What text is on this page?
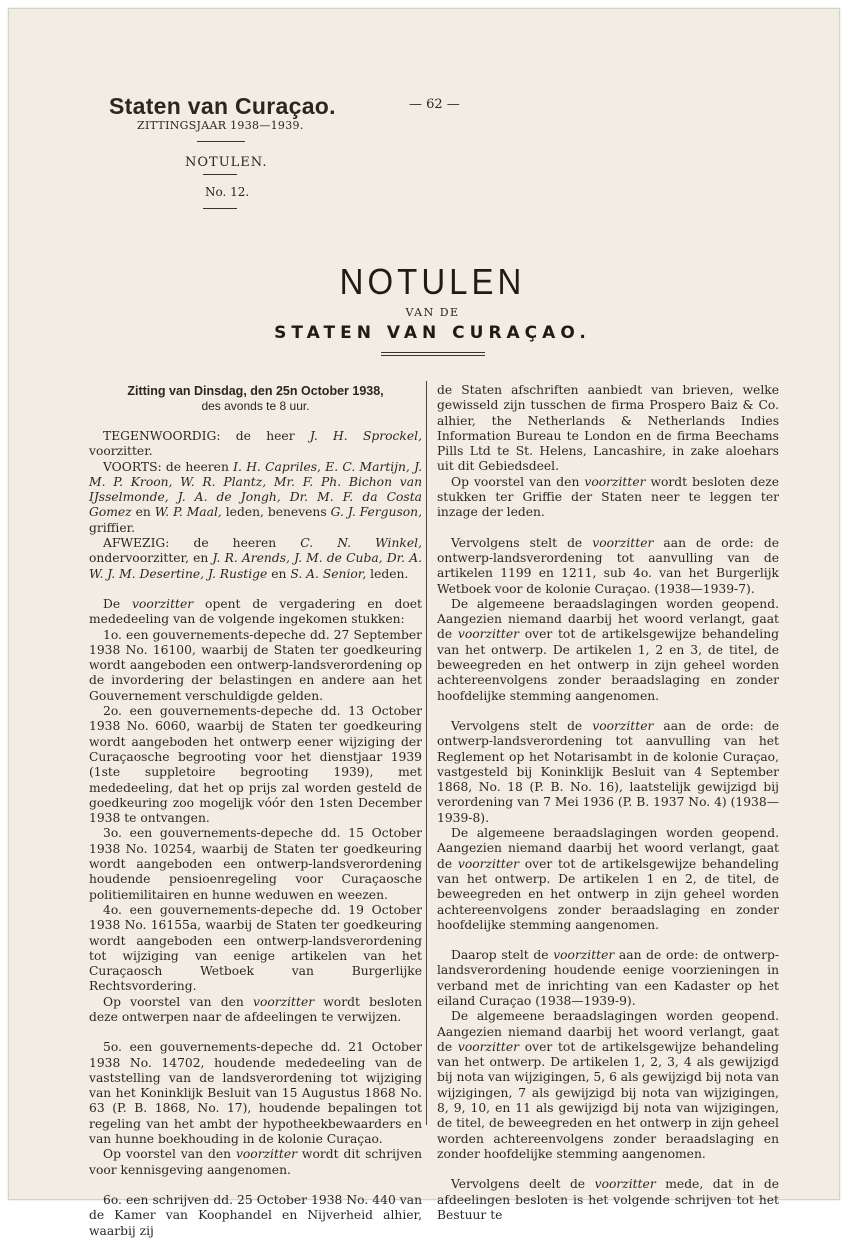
Staten van Curaçao.
ZITTINGSJAAR 1938—1939.
— 62 —
NOTULEN.
No. 12.
NOTULEN
VAN DE
STATEN VAN CURAÇAO.
Zitting van Dinsdag, den 25n October 1938,
des avonds te 8 uur.

TEGENWOORDIG: de heer J. H. Sprockel, voorzitter.

VOORTS: de heeren I. H. Capriles, E. C. Martijn, J. M. P. Kroon, W. R. Plantz, Mr. F. Ph. Bichon van IJsselmonde, J. A. de Jongh, Dr. M. F. da Costa Gomez en W. P. Maal, leden, benevens G. J. Ferguson, griffier.

AFWEZIG: de heeren C. N. Winkel, ondervoorzitter, en J. R. Arends, J. M. de Cuba, Dr. A. W. J. M. Desertine, J. Rustige en S. A. Senior, leden.

De voorzitter opent de vergadering en doet mededeeling van de volgende ingekomen stukken:

1o. een gouvernements-depeche dd. 27 September 1938 No. 16100, waarbij de Staten ter goedkeuring wordt aangeboden een ontwerp-landsverordening op de invordering der belastingen en andere aan het Gouvernement verschuldigde gelden.

2o. een gouvernements-depeche dd. 13 October 1938 No. 6060, waarbij de Staten ter goedkeuring wordt aangeboden het ontwerp eener wijziging der Curaçaosche begrooting voor het dienstjaar 1939 (1ste suppletoire begrooting 1939), met mededeeling, dat het op prijs zal worden gesteld de goedkeuring zoo mogelijk vóór den 1sten December 1938 te ontvangen.

3o. een gouvernements-depeche dd. 15 October 1938 No. 10254, waarbij de Staten ter goedkeuring wordt aangeboden een ontwerp-landsverordening houdende pensioenregeling voor Curaçaosche politiemilitairen en hunne weduwen en weezen.

4o. een gouvernements-depeche dd. 19 October 1938 No. 16155a, waarbij de Staten ter goedkeuring wordt aangeboden een ontwerp-landsverordening tot wijziging van eenige artikelen van het Curaçaosch Wetboek van Burgerlijke Rechtsvordering.

Op voorstel van den voorzitter wordt besloten deze ontwerpen naar de afdeelingen te verwijzen.

5o. een gouvernements-depeche dd. 21 October 1938 No. 14702, houdende mededeeling van de vaststelling van de landsverordening tot wijziging van het Koninklijk Besluit van 15 Augustus 1868 No. 63 (P. B. 1868, No. 17), houdende bepalingen tot regeling van het ambt der hypotheekbewaarders en van hunne boekhouding in de kolonie Curaçao.

Op voorstel van den voorzitter wordt dit schrijven voor kennisgeving aangenomen.

6o. een schrijven dd. 25 October 1938 No. 440 van de Kamer van Koophandel en Nijverheid alhier, waarbij zij

de Staten afschriften aanbiedt van brieven, welke gewisseld zijn tusschen de firma Prospero Baiz & Co. alhier, the Netherlands & Netherlands Indies Information Bureau te London en de firma Beechams Pills Ltd te St. Helens, Lancashire, in zake aloehars uit dit Gebiedsdeel.

Op voorstel van den voorzitter wordt besloten deze stukken ter Griffie der Staten neer te leggen ter inzage der leden.

Vervolgens stelt de voorzitter aan de orde: de ontwerp-landsverordening tot aanvulling van de artikelen 1199 en 1211, sub 4o. van het Burgerlijk Wetboek voor de kolonie Curaçao. (1938—1939-7).

De algemeene beraadslagingen worden geopend. Aangezien niemand daarbij het woord verlangt, gaat de voorzitter over tot de artikelsgewijze behandeling van het ontwerp. De artikelen 1, 2 en 3, de titel, de beweegreden en het ontwerp in zijn geheel worden achtereenvolgens zonder beraadslaging en zonder hoofdelijke stemming aangenomen.

Vervolgens stelt de voorzitter aan de orde: de ontwerp-landsverordening tot aanvulling van het Reglement op het Notarisambt in de kolonie Curaçao, vastgesteld bij Koninklijk Besluit van 4 September 1868, No. 18 (P. B. No. 16), laatstelijk gewijzigd bij verordening van 7 Mei 1936 (P. B. 1937 No. 4) (1938—1939-8).

De algemeene beraadslagingen worden geopend. Aangezien niemand daarbij het woord verlangt, gaat de voorzitter over tot de artikelsgewijze behandeling van het ontwerp. De artikelen 1 en 2, de titel, de beweegreden en het ontwerp in zijn geheel worden achtereenvolgens zonder beraadslaging en zonder hoofdelijke stemming aangenomen.

Daarop stelt de voorzitter aan de orde: de ontwerp-landsverordening houdende eenige voorzieningen in verband met de inrichting van een Kadaster op het eiland Curaçao (1938—1939-9).

De algemeene beraadslagingen worden geopend. Aangezien niemand daarbij het woord verlangt, gaat de voorzitter over tot de artikelsgewijze behandeling van het ontwerp. De artikelen 1, 2, 3, 4 als gewijzigd bij nota van wijzigingen, 5, 6 als gewijzigd bij nota van wijzigingen, 7 als gewijzigd bij nota van wijzigingen, 8, 9, 10, en 11 als gewijzigd bij nota van wijzigingen, de titel, de beweegreden en het ontwerp in zijn geheel worden achtereenvolgens zonder beraadslaging en zonder hoofdelijke stemming aangenomen.

Vervolgens deelt de voorzitter mede, dat in de afdeelingen besloten is het volgende schrijven tot het Bestuur te
